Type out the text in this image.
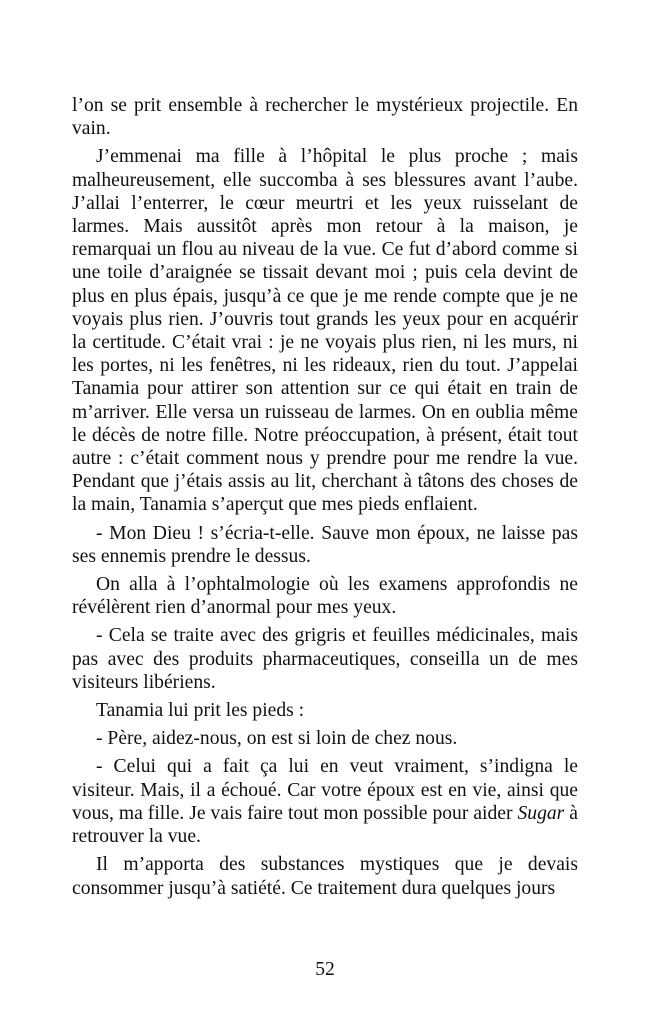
l’on se prit ensemble à rechercher le mystérieux projectile. En vain.

J’emmenai ma fille à l’hôpital le plus proche ; mais malheureusement, elle succomba à ses blessures avant l’aube. J’allai l’enterrer, le cœur meurtri et les yeux ruisselant de larmes. Mais aussitôt après mon retour à la maison, je remarquai un flou au niveau de la vue. Ce fut d’abord comme si une toile d’araignée se tissait devant moi ; puis cela devint de plus en plus épais, jusqu’à ce que je me rende compte que je ne voyais plus rien. J’ouvris tout grands les yeux pour en acquérir la certitude. C’était vrai : je ne voyais plus rien, ni les murs, ni les portes, ni les fenêtres, ni les rideaux, rien du tout. J’appelai Tanamia pour attirer son attention sur ce qui était en train de m’arriver. Elle versa un ruisseau de larmes. On en oublia même le décès de notre fille. Notre préoccupation, à présent, était tout autre : c’était comment nous y prendre pour me rendre la vue. Pendant que j’étais assis au lit, cherchant à tâtons des choses de la main, Tanamia s’aperçut que mes pieds enflaient.

- Mon Dieu ! s’écria-t-elle. Sauve mon époux, ne laisse pas ses ennemis prendre le dessus.

On alla à l’ophtalmologie où les examens approfondis ne révélèrent rien d’anormal pour mes yeux.

- Cela se traite avec des grigris et feuilles médicinales, mais pas avec des produits pharmaceutiques, conseilla un de mes visiteurs libériens.

Tanamia lui prit les pieds :

- Père, aidez-nous, on est si loin de chez nous.

- Celui qui a fait ça lui en veut vraiment, s’indigna le visiteur. Mais, il a échoué. Car votre époux est en vie, ainsi que vous, ma fille. Je vais faire tout mon possible pour aider Sugar à retrouver la vue.

Il m’apporta des substances mystiques que je devais consommer jusqu’à satiété. Ce traitement dura quelques jours

52
